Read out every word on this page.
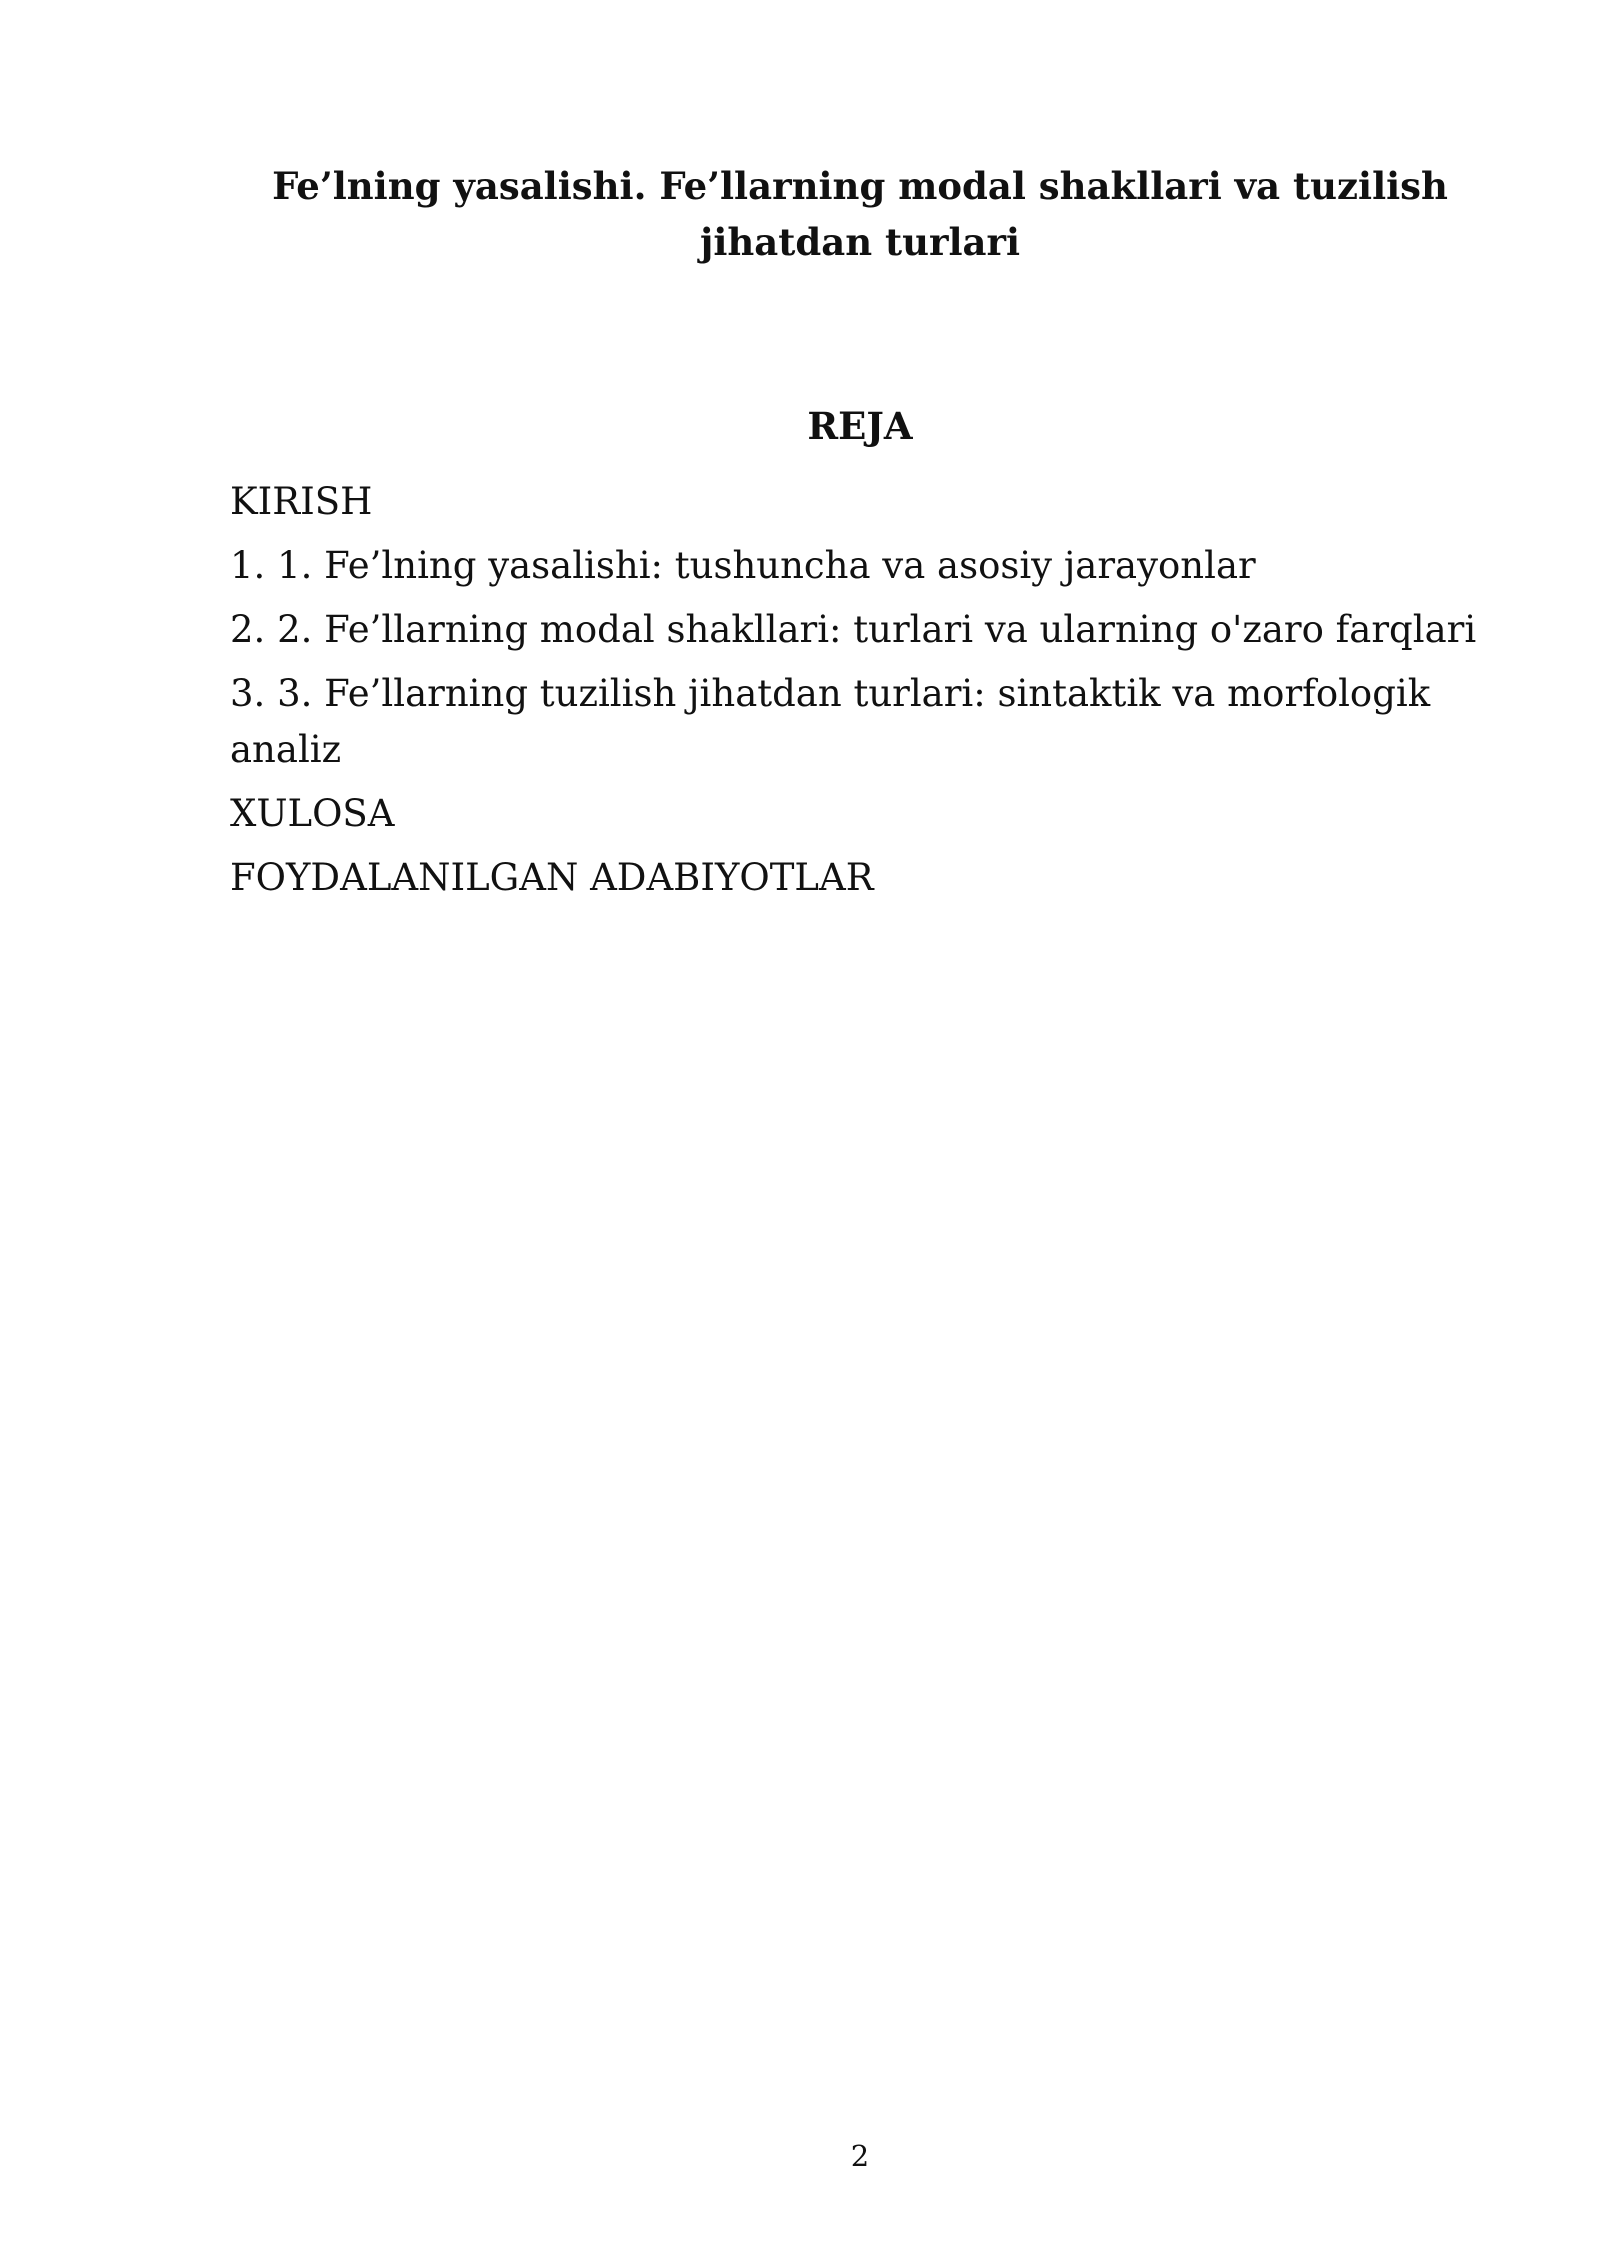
Fe’lning yasalishi. Fe’llarning modal shakllari va tuzilish jihatdan turlari
REJA
KIRISH
1. 1. Fe’lning yasalishi: tushuncha va asosiy jarayonlar
2. 2. Fe’llarning modal shakllari: turlari va ularning o'zaro farqlari
3. 3. Fe’llarning tuzilish jihatdan turlari: sintaktik va morfologik analiz
XULOSA
FOYDALANILGAN ADABIYOTLAR
2
